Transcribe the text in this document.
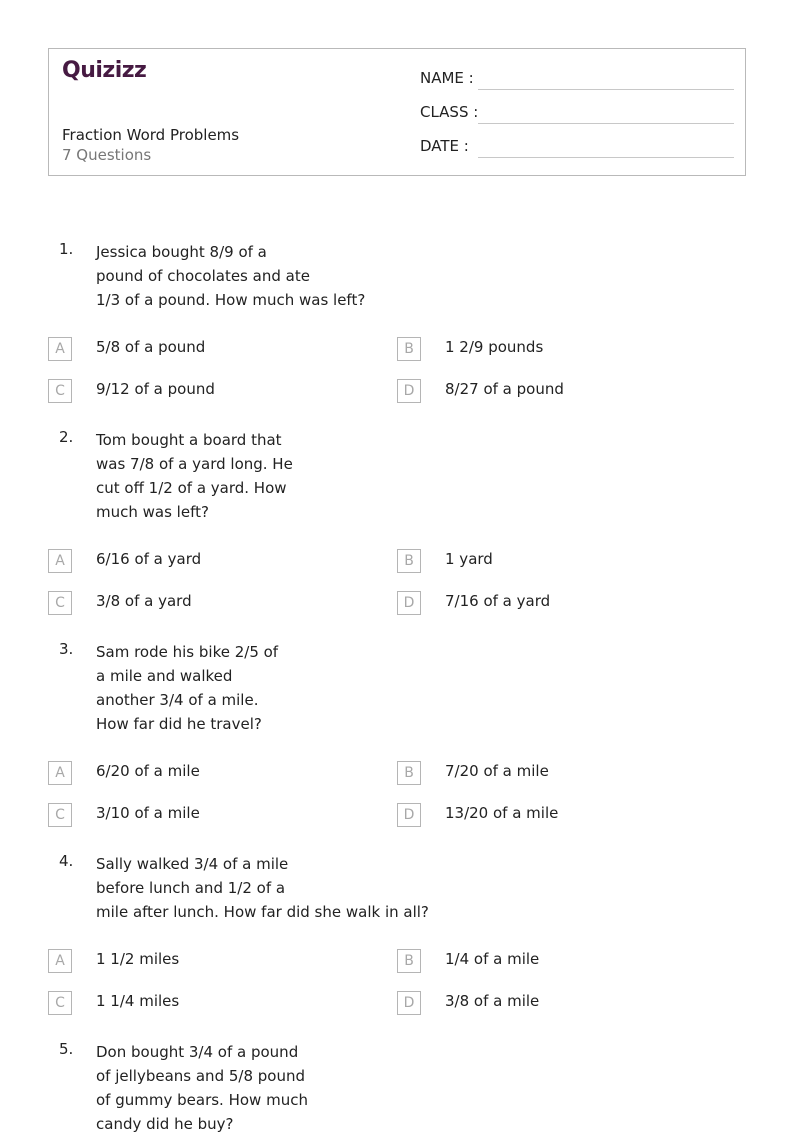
Quizizz
Fraction Word Problems
7 Questions
NAME :
CLASS :
DATE :
1. Jessica bought 8/9 of a
pound of chocolates and ate
1/3 of a pound. How much was left?
A	5/8 of a pound	B	1 2/9 pounds
C	9/12 of a pound	D	8/27 of a pound
2. Tom bought a board that
was 7/8 of a yard long. He
cut off 1/2 of a yard. How
much was left?
A	6/16 of a yard	B	1 yard
C	3/8 of a yard	D	7/16 of a yard
3. Sam rode his bike 2/5 of
a mile and walked
another 3/4 of a mile.
How far did he travel?
A	6/20 of a mile	B	7/20 of a mile
C	3/10 of a mile	D	13/20 of a mile
4. Sally walked 3/4 of a mile
before lunch and 1/2 of a
mile after lunch. How far did she walk in all?
A	1 1/2 miles	B	1/4 of a mile
C	1 1/4 miles	D	3/8 of a mile
5. Don bought 3/4 of a pound
of jellybeans and 5/8 pound
of gummy bears. How much
candy did he buy?
